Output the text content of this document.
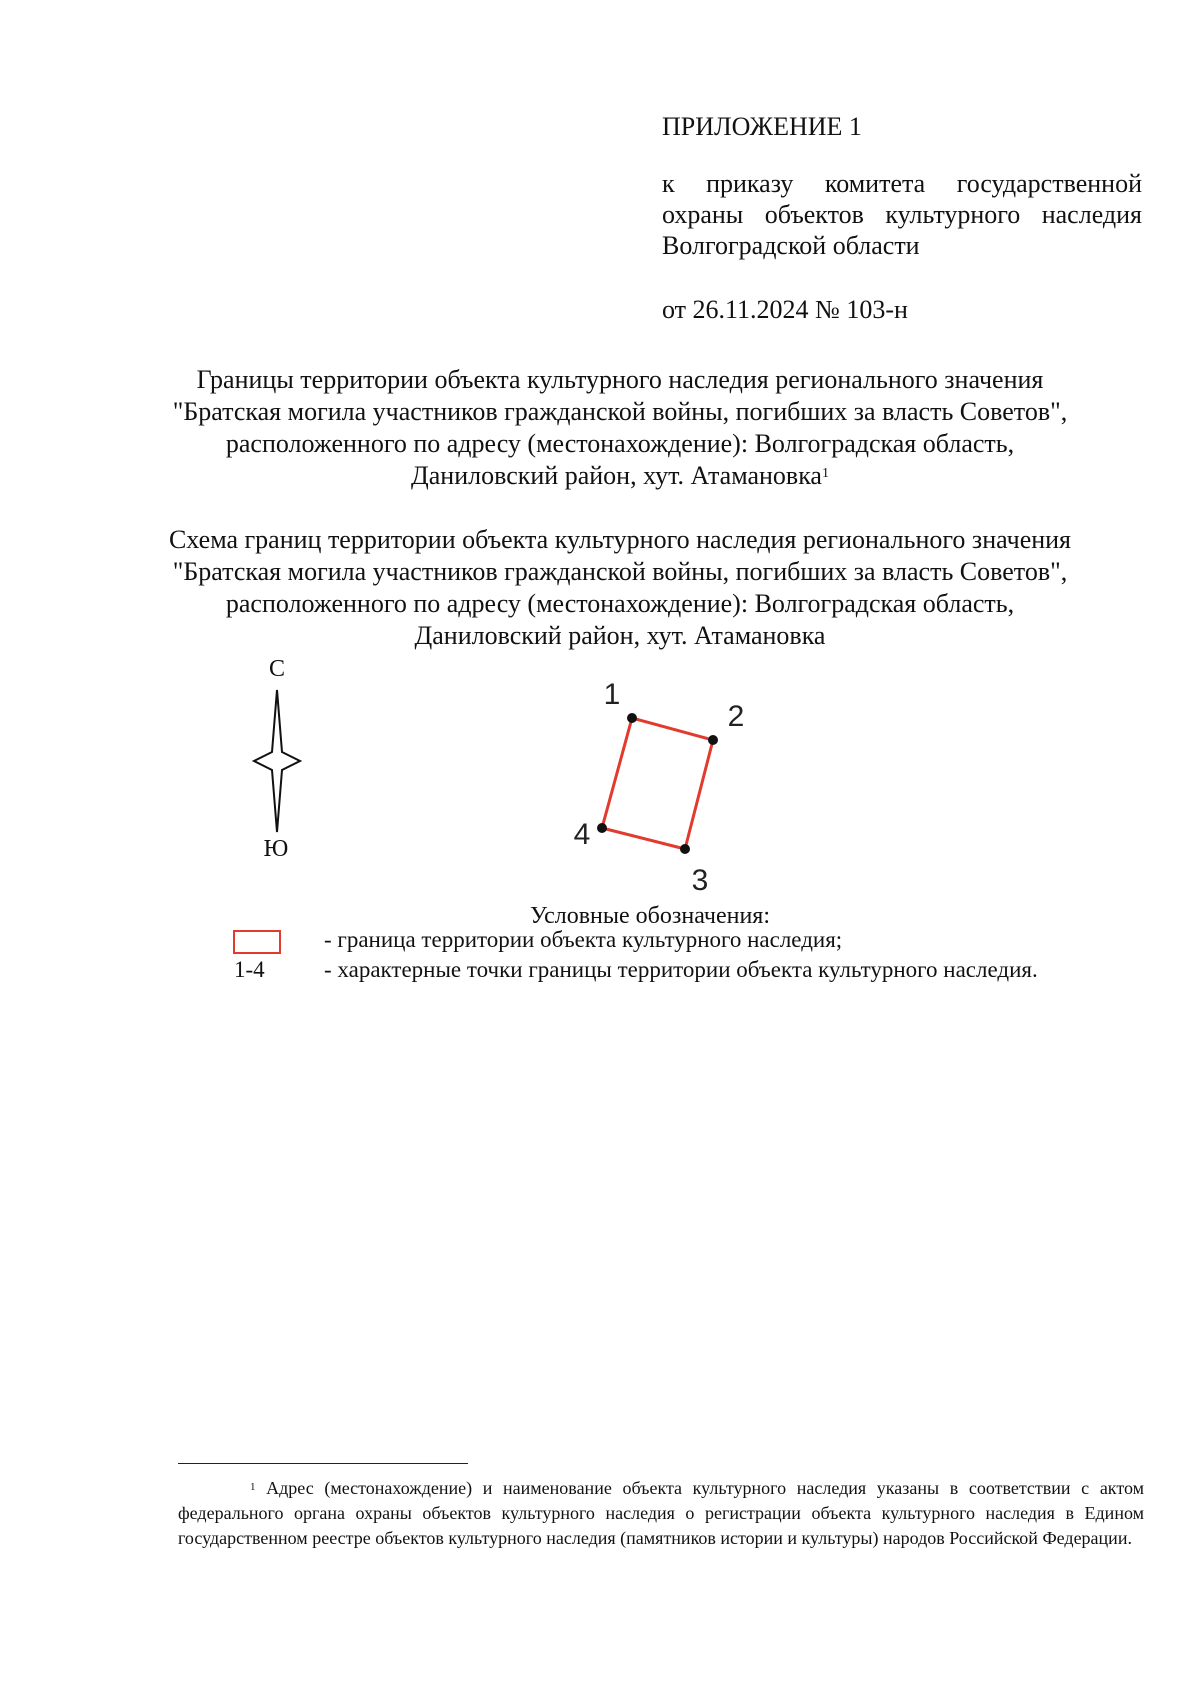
ПРИЛОЖЕНИЕ 1
к приказу комитета государственной охраны объектов культурного наследия Волгоградской области
от 26.11.2024 № 103-н
Границы территории объекта культурного наследия регионального значения "Братская могила участников гражданской войны, погибших за власть Советов", расположенного по адресу (местонахождение): Волгоградская область, Даниловский район, хут. Атамановка$^1$
Схема границ территории объекта культурного наследия регионального значения "Братская могила участников гражданской войны, погибших за власть Советов", расположенного по адресу (местонахождение): Волгоградская область, Даниловский район, хут. Атамановка
С
Ю
1
2
3
4
Условные обозначения:
- граница территории объекта культурного наследия;
1-4	- характерные точки границы территории объекта культурного наследия.
$^1$ Адрес (местонахождение) и наименование объекта культурного наследия указаны в соответствии с актом федерального органа охраны объектов культурного наследия о регистрации объекта культурного наследия в Едином государственном реестре объектов культурного наследия (памятников истории и культуры) народов Российской Федерации.
